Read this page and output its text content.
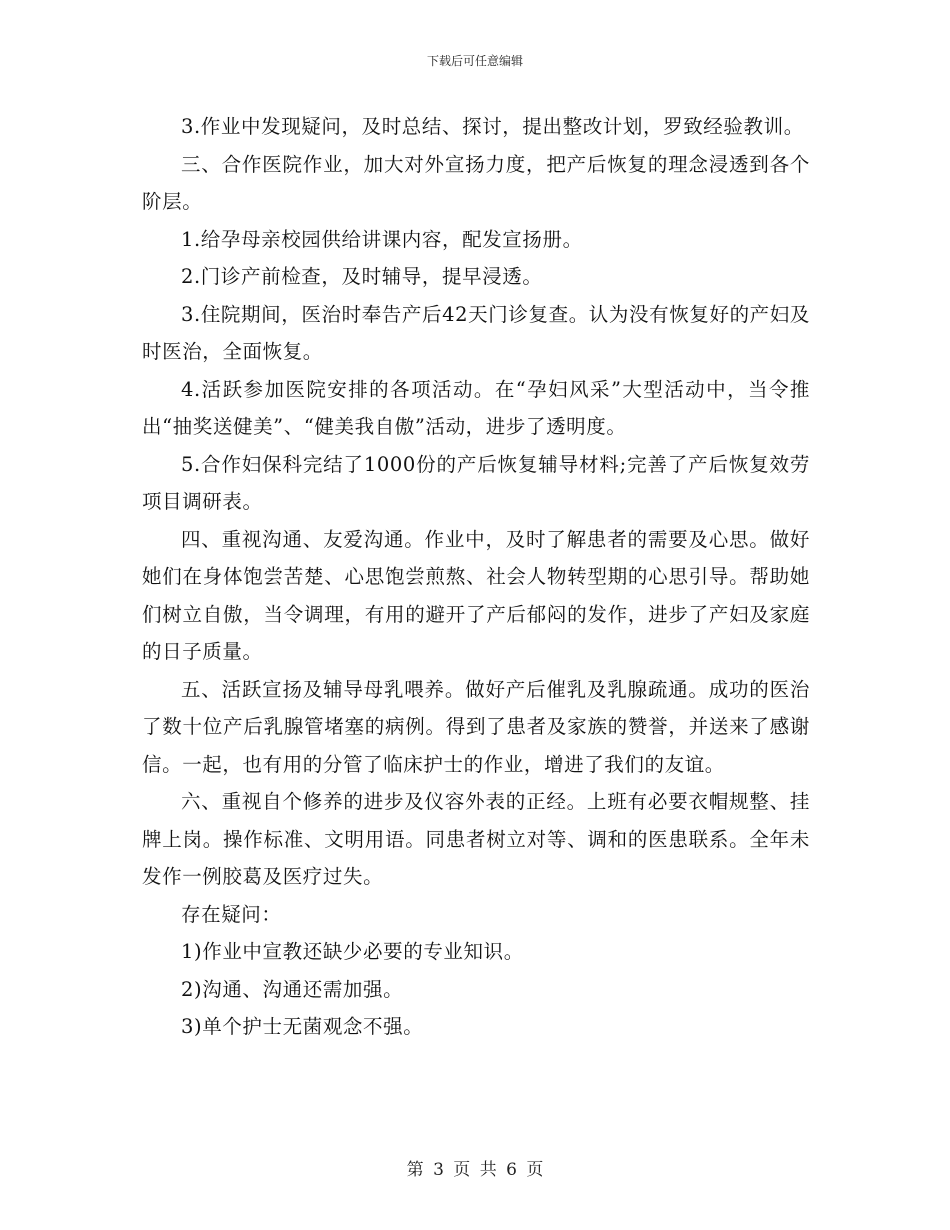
下载后可任意编辑

3.作业中发现疑问，及时总结、探讨，提出整改计划，罗致经验教训。

三、合作医院作业，加大对外宣扬力度，把产后恢复的理念浸透到各个阶层。

1.给孕母亲校园供给讲课内容，配发宣扬册。

2.门诊产前检查，及时辅导，提早浸透。

3.住院期间，医治时奉告产后42天门诊复查。认为没有恢复好的产妇及时医治，全面恢复。

4.活跃参加医院安排的各项活动。在“孕妇风采”大型活动中，当令推出“抽奖送健美”、“健美我自傲”活动，进步了透明度。

5.合作妇保科完结了1000份的产后恢复辅导材料;完善了产后恢复效劳项目调研表。

四、重视沟通、友爱沟通。作业中，及时了解患者的需要及心思。做好她们在身体饱尝苦楚、心思饱尝煎熬、社会人物转型期的心思引导。帮助她们树立自傲，当令调理，有用的避开了产后郁闷的发作，进步了产妇及家庭的日子质量。

五、活跃宣扬及辅导母乳喂养。做好产后催乳及乳腺疏通。成功的医治了数十位产后乳腺管堵塞的病例。得到了患者及家族的赞誉，并送来了感谢信。一起，也有用的分管了临床护士的作业，增进了我们的友谊。

六、重视自个修养的进步及仪容外表的正经。上班有必要衣帽规整、挂牌上岗。操作标准、文明用语。同患者树立对等、调和的医患联系。全年未发作一例胶葛及医疗过失。

存在疑问：

1)作业中宣教还缺少必要的专业知识。

2)沟通、沟通还需加强。

3)单个护士无菌观念不强。

第 3 页 共 6 页
